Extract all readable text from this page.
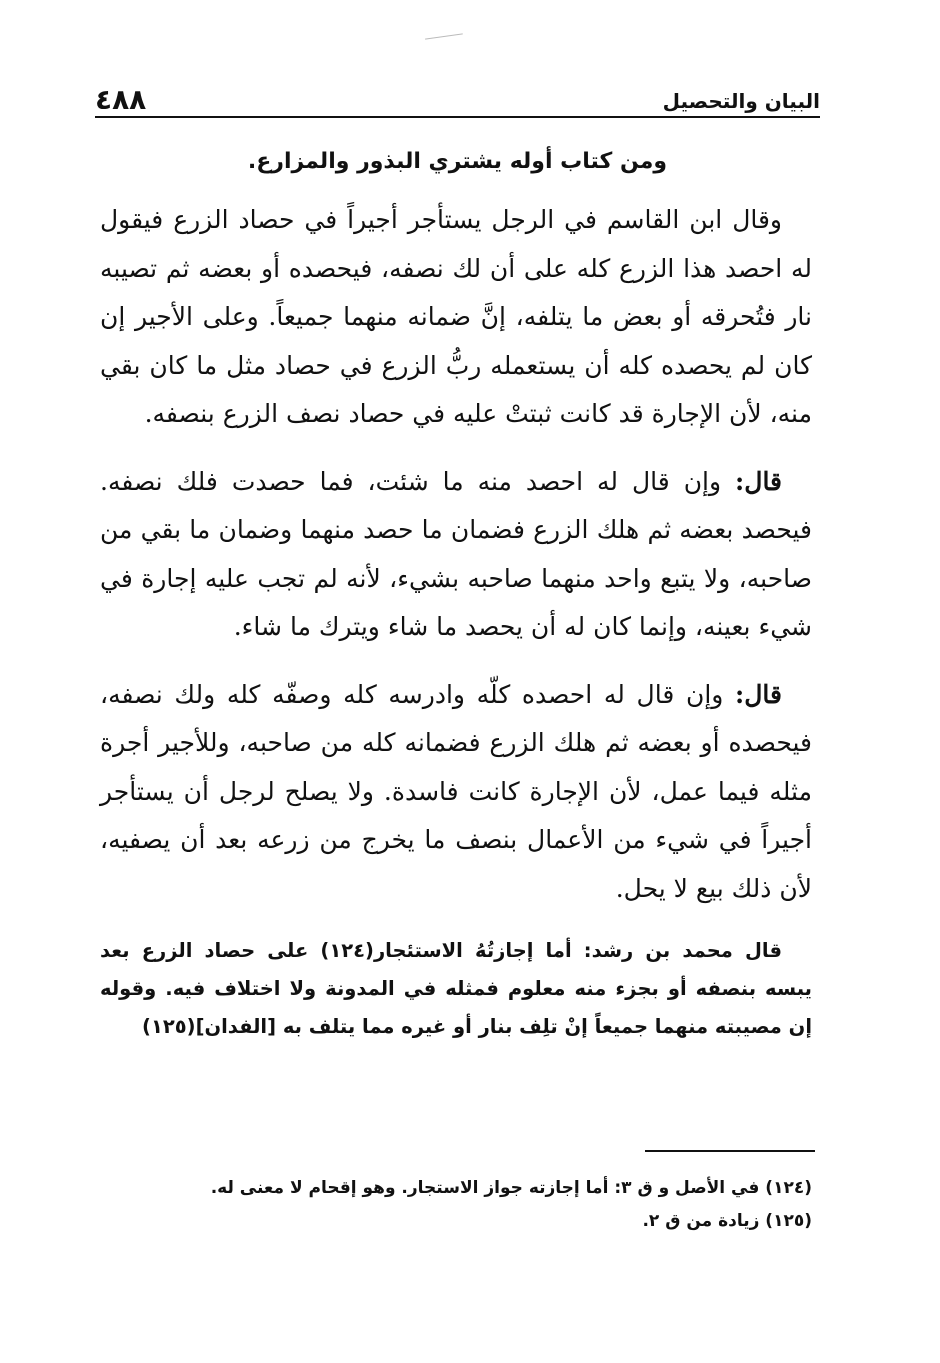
٤٨٨	البيان والتحصيل
ومن كتاب أوله يشتري البذور والمزارع.

وقال ابن القاسم في الرجل يستأجر أجيراً في حصاد الزرع فيقول له احصد هذا الزرع كله على أن لك نصفه، فيحصده أو بعضه ثم تصيبه نار فتُحرقه أو بعض ما يتلفه، إنَّ ضمانه منهما جميعاً. وعلى الأجير إن كان لم يحصده كله أن يستعمله ربُّ الزرع في حصاد مثل ما كان بقي منه، لأن الإجارة قد كانت ثبتتْ عليه في حصاد نصف الزرع بنصفه.

قال: وإن قال له احصد منه ما شئت، فما حصدت فلك نصفه. فيحصد بعضه ثم هلك الزرع فضمان ما حصد منهما وضمان ما بقي من صاحبه، ولا يتبع واحد منهما صاحبه بشيء، لأنه لم تجب عليه إجارة في شيء بعينه، وإنما كان له أن يحصد ما شاء ويترك ما شاء.

قال: وإن قال له احصده كلّه وادرسه كله وصفّه كله ولك نصفه، فيحصده أو بعضه ثم هلك الزرع فضمانه كله من صاحبه، وللأجير أجرة مثله فيما عمل، لأن الإجارة كانت فاسدة. ولا يصلح لرجل أن يستأجر أجيراً في شيء من الأعمال بنصف ما يخرج من زرعه بعد أن يصفيه، لأن ذلك بيع لا يحل.

قال محمد بن رشد: أما إجازتُهُ الاستئجار(١٢٤) على حصاد الزرع بعد يبسه بنصفه أو بجزء منه معلوم فمثله في المدونة ولا اختلاف فيه. وقوله إن مصيبته منهما جميعاً إنْ تلِف بنار أو غيره مما يتلف به [الفدان](١٢٥)

(١٢٤) في الأصل و ق ٣: أما إجازته جواز الاستجار. وهو إقحام لا معنى له.
(١٢٥) زيادة من ق ٢.
